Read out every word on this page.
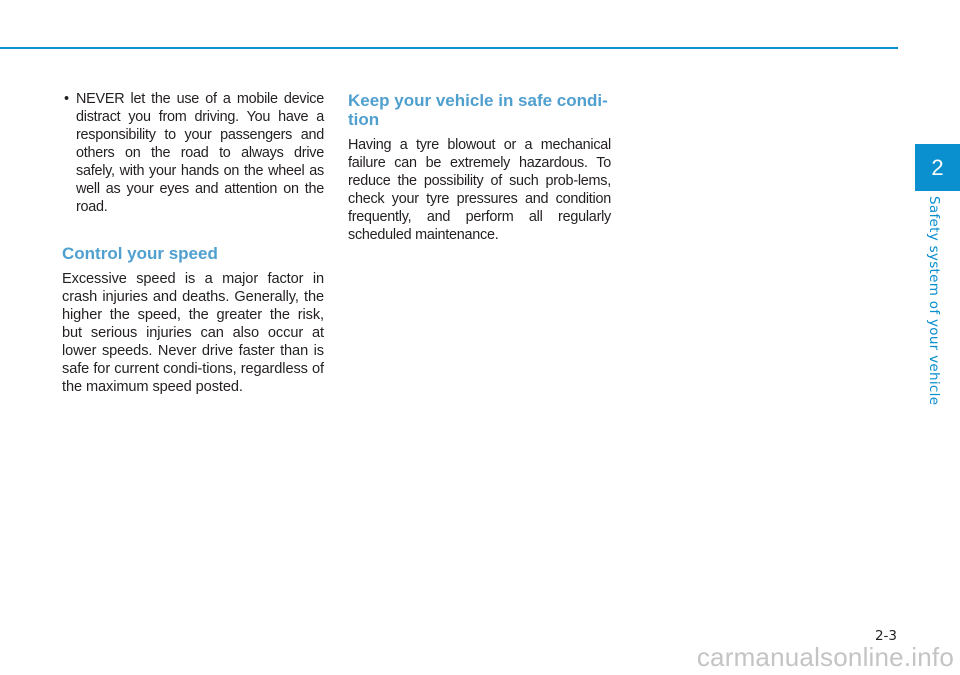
• NEVER let the use of a mobile device distract you from driving. You have a responsibility to your passengers and others on the road to always drive safely, with your hands on the wheel as well as your eyes and attention on the road.
Control your speed

Excessive speed is a major factor in crash injuries and deaths. Generally, the higher the speed, the greater the risk, but serious injuries can also occur at lower speeds. Never drive faster than is safe for current condi-tions, regardless of the maximum speed posted.

Keep your vehicle in safe condi-tion

Having a tyre blowout or a mechanical failure can be extremely hazardous. To reduce the possibility of such prob-lems, check your tyre pressures and condition frequently, and perform all regularly scheduled maintenance.

2
Safety system of your vehicle
2-3
carmanualsonline.info
